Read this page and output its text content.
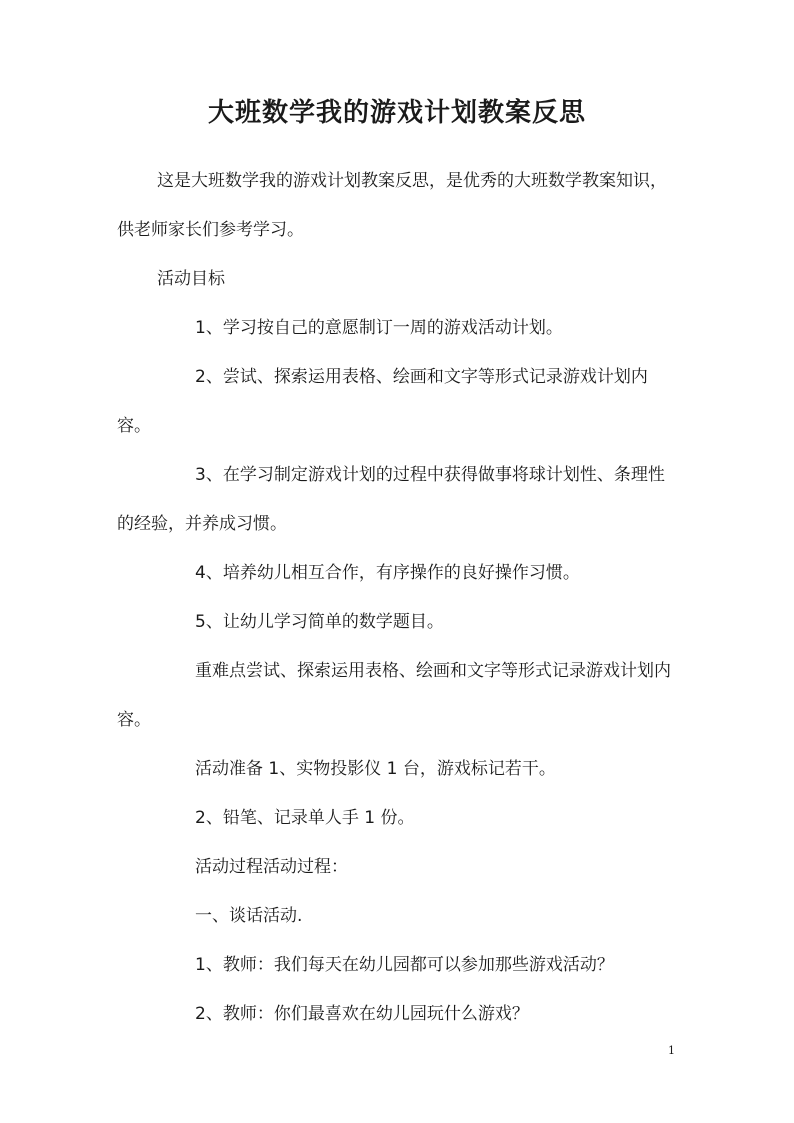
大班数学我的游戏计划教案反思

这是大班数学我的游戏计划教案反思，是优秀的大班数学教案知识，供老师家长们参考学习。

活动目标

1、学习按自己的意愿制订一周的游戏活动计划。

2、尝试、探索运用表格、绘画和文字等形式记录游戏计划内容。

3、在学习制定游戏计划的过程中获得做事将球计划性、条理性的经验，并养成习惯。

4、培养幼儿相互合作，有序操作的良好操作习惯。

5、让幼儿学习简单的数学题目。

重难点尝试、探索运用表格、绘画和文字等形式记录游戏计划内容。

活动准备 1、实物投影仪 1 台，游戏标记若干。

2、铅笔、记录单人手 1 份。

活动过程活动过程：

一、谈话活动.

1、教师：我们每天在幼儿园都可以参加那些游戏活动？

2、教师：你们最喜欢在幼儿园玩什么游戏？

1
